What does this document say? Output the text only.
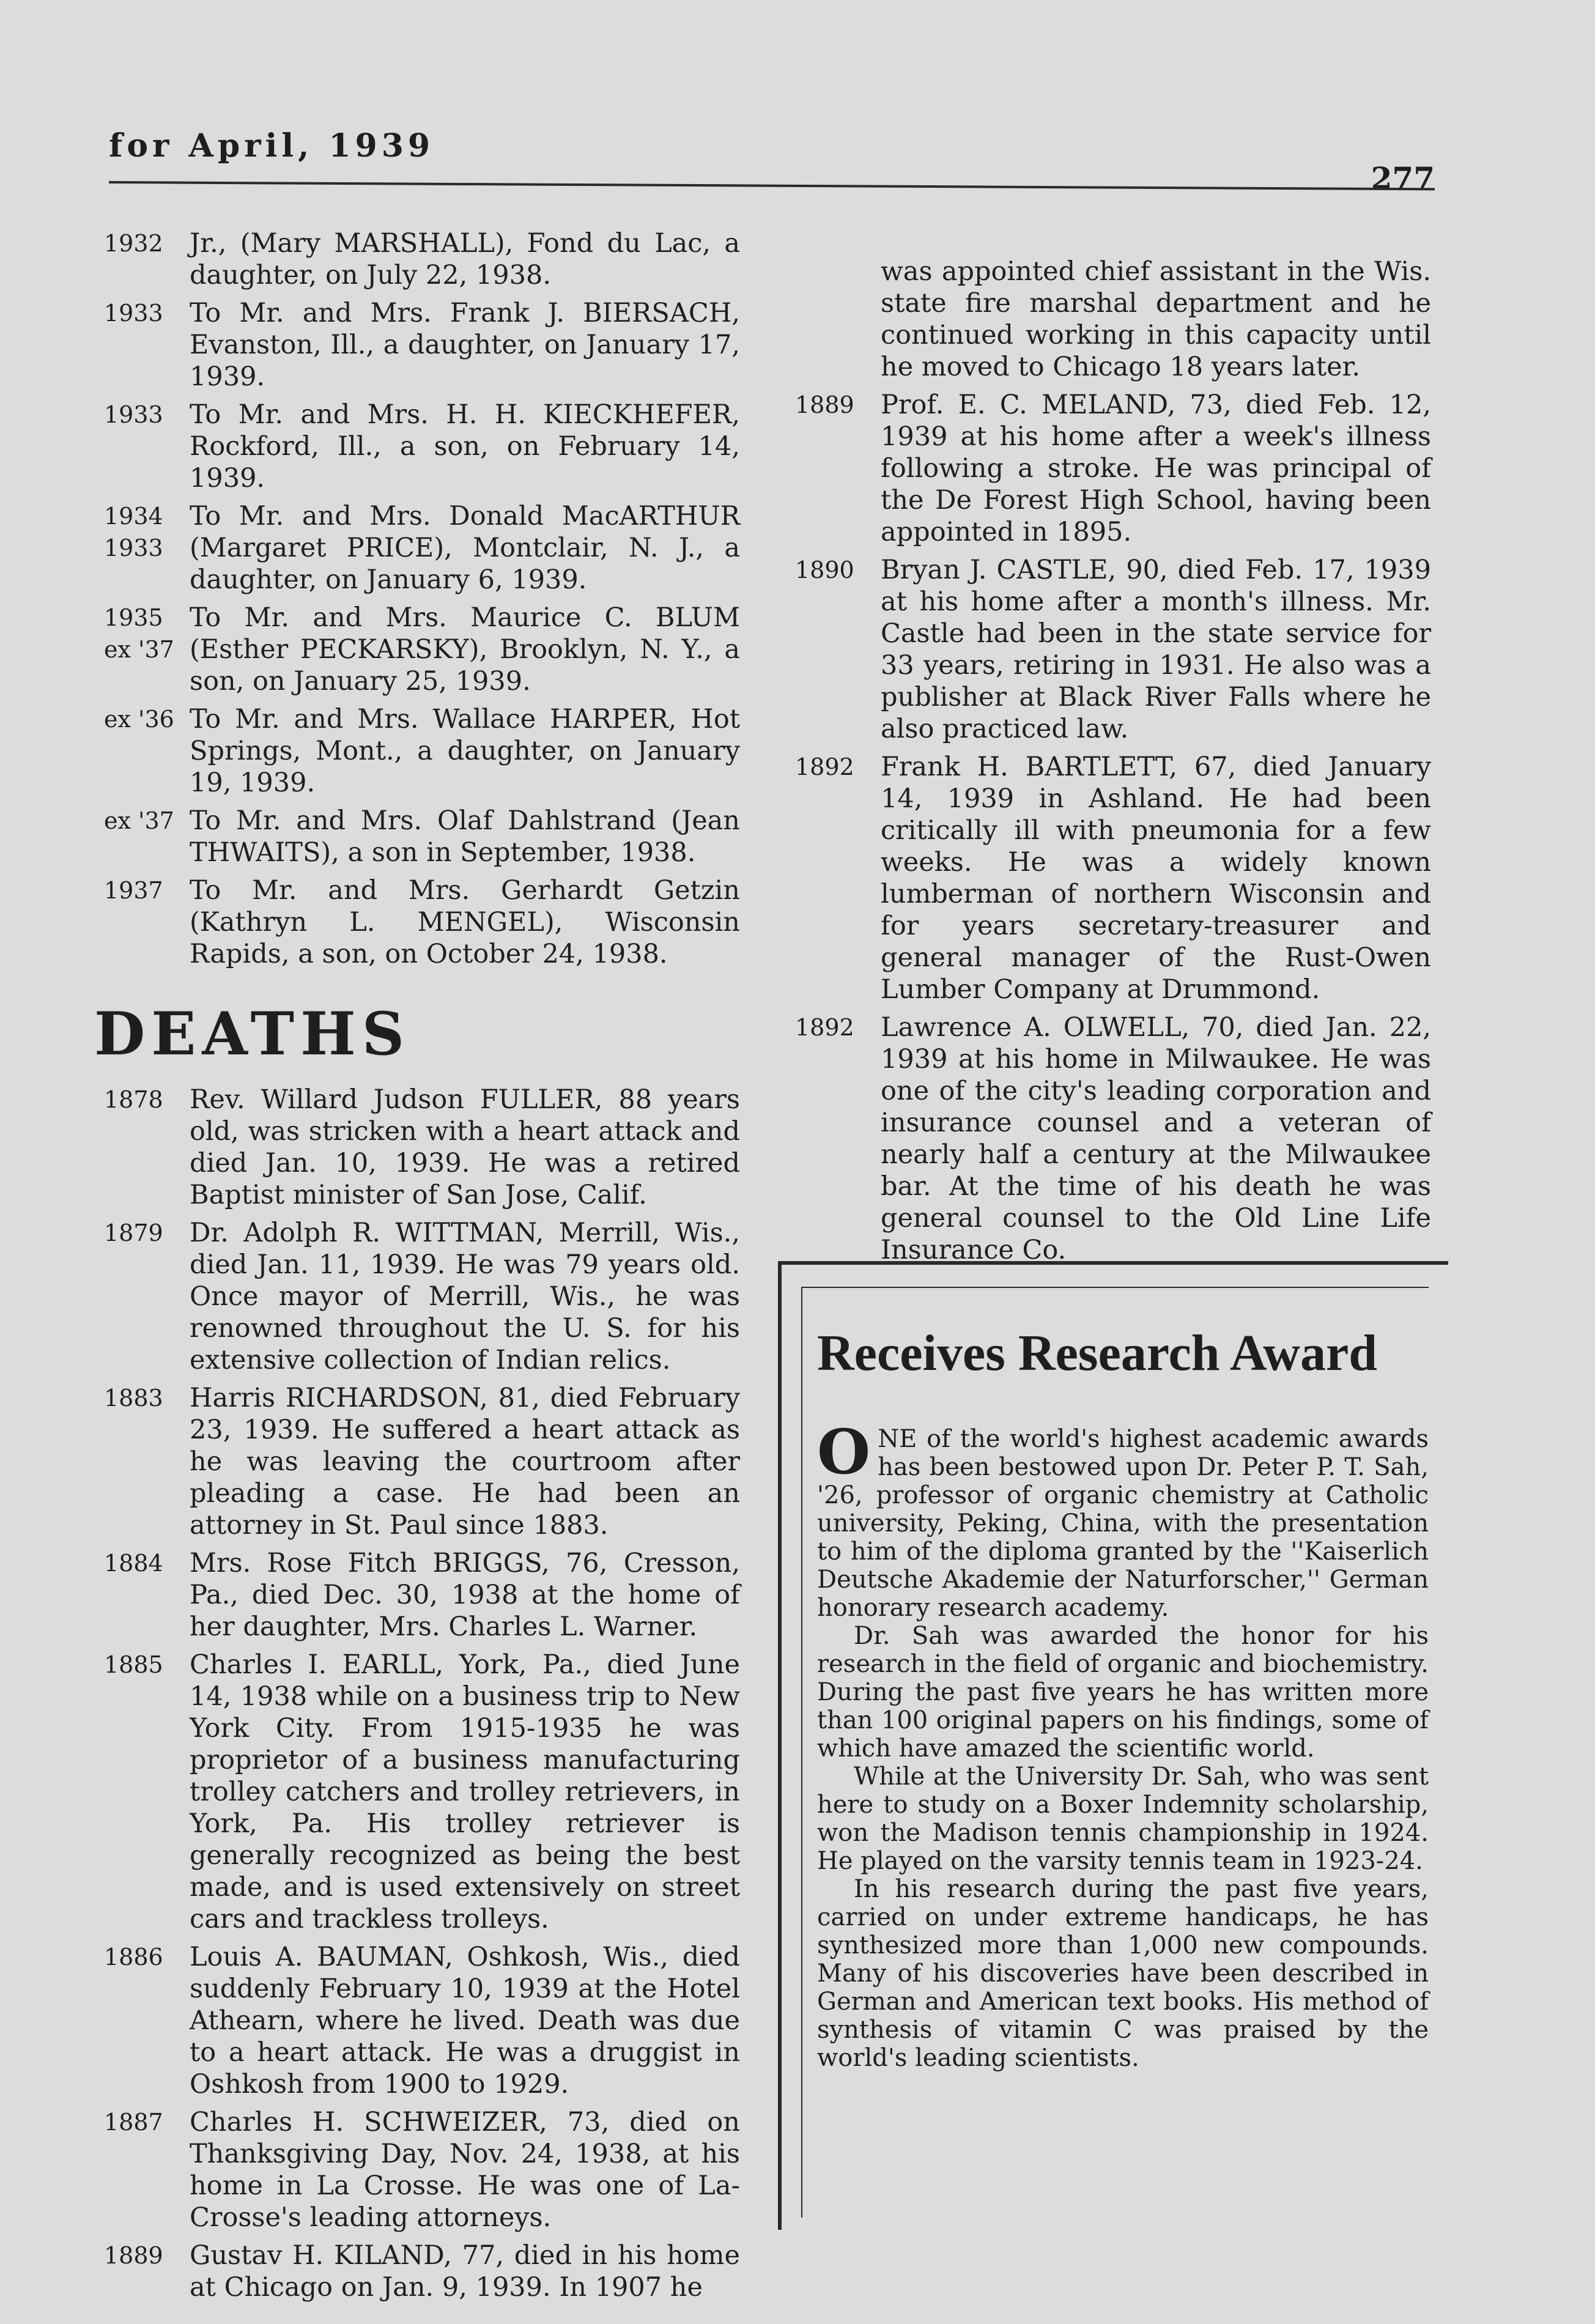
for April, 1939
277
1932 Jr., (Mary MARSHALL), Fond du Lac, a daughter, on July 22, 1938.
1933 To Mr. and Mrs. Frank J. BIERSACH, Evanston, Ill., a daughter, on January 17, 1939.
1933 To Mr. and Mrs. H. H. KIECKHEFER, Rockford, Ill., a son, on February 14, 1939.
1934
1933
To Mr. and Mrs. Donald MacARTHUR (Margaret PRICE), Montclair, N. J., a daughter, on January 6, 1939.
1935
ex '37
To Mr. and Mrs. Maurice C. BLUM (Esther PECKARSKY), Brooklyn, N. Y., a son, on January 25, 1939.
ex '36 To Mr. and Mrs. Wallace HARPER, Hot Springs, Mont., a daughter, on January 19, 1939.
ex '37 To Mr. and Mrs. Olaf Dahlstrand (Jean THWAITS), a son in September, 1938.
1937 To Mr. and Mrs. Gerhardt Getzin (Kathryn L. MENGEL), Wisconsin Rapids, a son, on October 24, 1938.
DEATHS
1878 Rev. Willard Judson FULLER, 88 years old, was stricken with a heart attack and died Jan. 10, 1939. He was a retired Baptist minister of San Jose, Calif.
1879 Dr. Adolph R. WITTMAN, Merrill, Wis., died Jan. 11, 1939. He was 79 years old. Once mayor of Merrill, Wis., he was renowned throughout the U. S. for his extensive collection of Indian relics.
1883 Harris RICHARDSON, 81, died February 23, 1939. He suffered a heart attack as he was leaving the courtroom after pleading a case. He had been an attorney in St. Paul since 1883.
1884 Mrs. Rose Fitch BRIGGS, 76, Cresson, Pa., died Dec. 30, 1938 at the home of her daughter, Mrs. Charles L. Warner.
1885 Charles I. EARLL, York, Pa., died June 14, 1938 while on a business trip to New York City. From 1915-1935 he was proprietor of a business manufacturing trolley catchers and trolley retrievers, in York, Pa. His trolley retriever is generally recognized as being the best made, and is used extensively on street cars and trackless trolleys.
1886 Louis A. BAUMAN, Oshkosh, Wis., died suddenly February 10, 1939 at the Hotel Athearn, where he lived. Death was due to a heart attack. He was a druggist in Oshkosh from 1900 to 1929.
1887 Charles H. SCHWEIZER, 73, died on Thanksgiving Day, Nov. 24, 1938, at his home in La Crosse. He was one of La-Crosse's leading attorneys.
1889 Gustav H. KILAND, 77, died in his home at Chicago on Jan. 9, 1939. In 1907 he
was appointed chief assistant in the Wis. state fire marshal department and he continued working in this capacity until he moved to Chicago 18 years later.
1889 Prof. E. C. MELAND, 73, died Feb. 12, 1939 at his home after a week's illness following a stroke. He was principal of the De Forest High School, having been appointed in 1895.
1890 Bryan J. CASTLE, 90, died Feb. 17, 1939 at his home after a month's illness. Mr. Castle had been in the state service for 33 years, retiring in 1931. He also was a publisher at Black River Falls where he also practiced law.
1892 Frank H. BARTLETT, 67, died January 14, 1939 in Ashland. He had been critically ill with pneumonia for a few weeks. He was a widely known lumberman of northern Wisconsin and for years secretary-treasurer and general manager of the Rust-Owen Lumber Company at Drummond.
1892 Lawrence A. OLWELL, 70, died Jan. 22, 1939 at his home in Milwaukee. He was one of the city's leading corporation and insurance counsel and a veteran of nearly half a century at the Milwaukee bar. At the time of his death he was general counsel to the Old Line Life Insurance Co.
Receives Research Award

ONE of the world's highest academic awards has been bestowed upon Dr. Peter P. T. Sah, '26, professor of organic chemistry at Catholic university, Peking, China, with the presentation to him of the diploma granted by the ''Kaiserlich Deutsche Akademie der Naturforscher,'' German honorary research academy.

Dr. Sah was awarded the honor for his research in the field of organic and biochemistry. During the past five years he has written more than 100 original papers on his findings, some of which have amazed the scientific world.

While at the University Dr. Sah, who was sent here to study on a Boxer Indemnity scholarship, won the Madison tennis championship in 1924. He played on the varsity tennis team in 1923-24.

In his research during the past five years, carried on under extreme handicaps, he has synthesized more than 1,000 new compounds. Many of his discoveries have been described in German and American text books. His method of synthesis of vitamin C was praised by the world's leading scientists.
